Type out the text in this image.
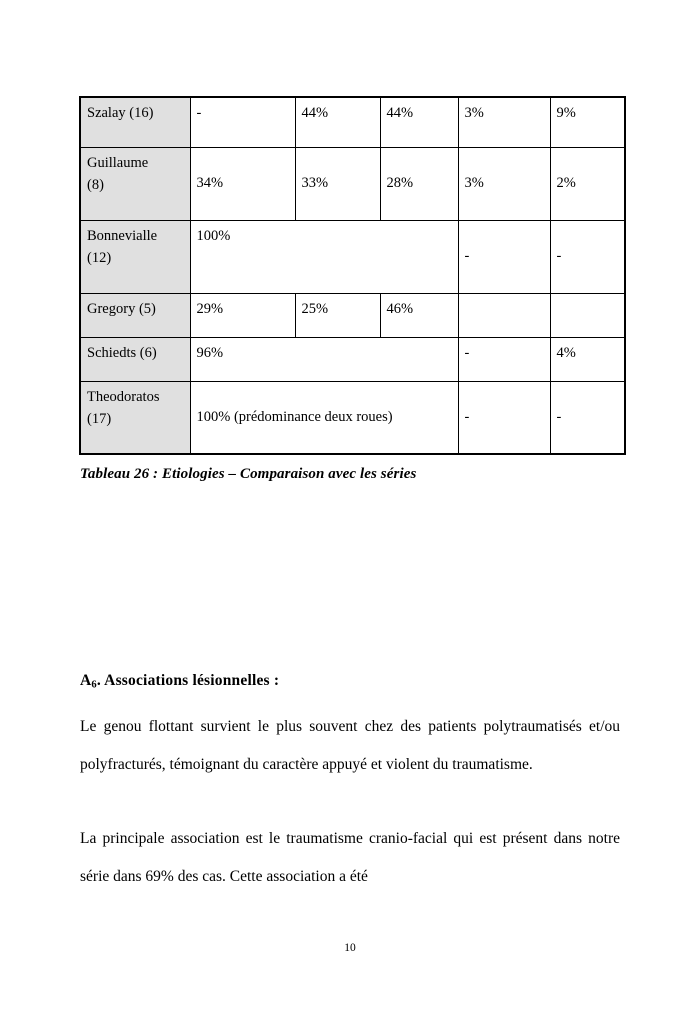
Szalay (16)	-	44%	44%	3%	9%

Guillaume
(8)	34%	33%	28%	3%	2%

Bonnevialle
(12)	100%			-	-
Gregory (5)	29%	25%	46%		
Schiedts (6)	96%			-	4%

Theodoratos
(17)	100% (prédominance deux roues)			-	-
Tableau 26 : Etiologies – Comparaison avec les séries
$A_6$. Associations lésionnelles :
Le genou flottant survient le plus souvent chez des patients polytraumatisés et/ou polyfracturés, témoignant du caractère appuyé et violent du traumatisme.
La principale association est le traumatisme cranio-facial qui est présent dans notre série dans 69% des cas. Cette association a été
10
